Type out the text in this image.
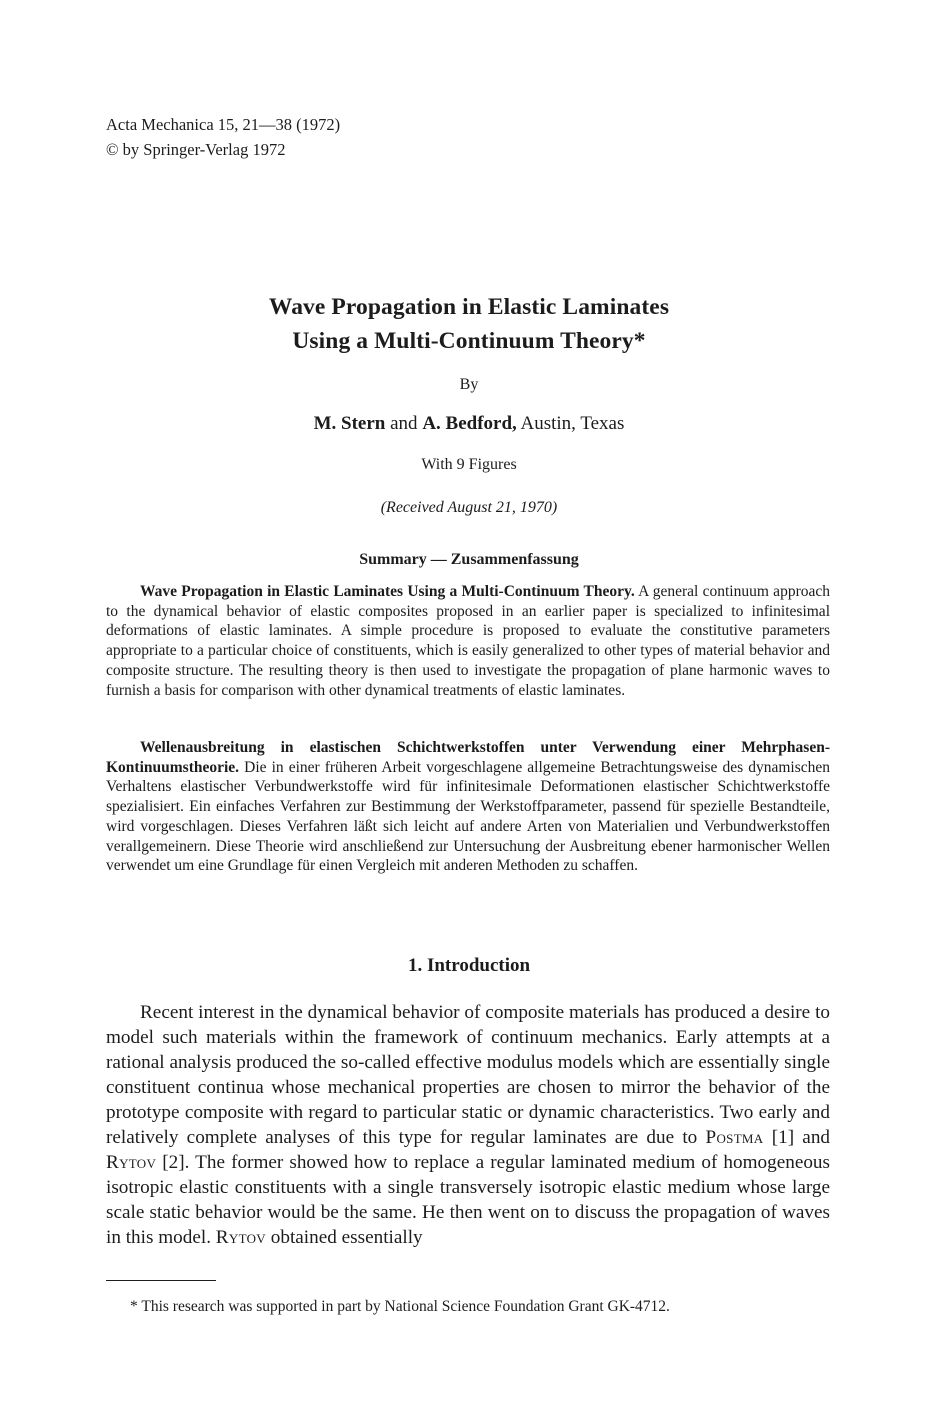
Acta Mechanica 15, 21—38 (1972)
© by Springer-Verlag 1972
Wave Propagation in Elastic Laminates
Using a Multi-Continuum Theory*
By
M. Stern and A. Bedford, Austin, Texas
With 9 Figures
(Received August 21, 1970)
Summary — Zusammenfassung

Wave Propagation in Elastic Laminates Using a Multi-Continuum Theory. A general continuum approach to the dynamical behavior of elastic composites proposed in an earlier paper is specialized to infinitesimal deformations of elastic laminates. A simple procedure is proposed to evaluate the constitutive parameters appropriate to a particular choice of constituents, which is easily generalized to other types of material behavior and composite structure. The resulting theory is then used to investigate the propagation of plane harmonic waves to furnish a basis for comparison with other dynamical treatments of elastic laminates.

Wellenausbreitung in elastischen Schichtwerkstoffen unter Verwendung einer Mehrphasen-Kontinuumstheorie. Die in einer früheren Arbeit vorgeschlagene allgemeine Betrachtungsweise des dynamischen Verhaltens elastischer Verbundwerkstoffe wird für infinitesimale Deformationen elastischer Schichtwerkstoffe spezialisiert. Ein einfaches Verfahren zur Bestimmung der Werkstoffparameter, passend für spezielle Bestandteile, wird vorgeschlagen. Dieses Verfahren läßt sich leicht auf andere Arten von Materialien und Verbundwerkstoffen verallgemeinern. Diese Theorie wird anschließend zur Untersuchung der Ausbreitung ebener harmonischer Wellen verwendet um eine Grundlage für einen Vergleich mit anderen Methoden zu schaffen.

1. Introduction

Recent interest in the dynamical behavior of composite materials has produced a desire to model such materials within the framework of continuum mechanics. Early attempts at a rational analysis produced the so-called effective modulus models which are essentially single constituent continua whose mechanical properties are chosen to mirror the behavior of the prototype composite with regard to particular static or dynamic characteristics. Two early and relatively complete analyses of this type for regular laminates are due to Postma [1] and Rytov [2]. The former showed how to replace a regular laminated medium of homogeneous isotropic elastic constituents with a single transversely isotropic elastic medium whose large scale static behavior would be the same. He then went on to discuss the propagation of waves in this model. Rytov obtained essentially

* This research was supported in part by National Science Foundation Grant GK-4712.
